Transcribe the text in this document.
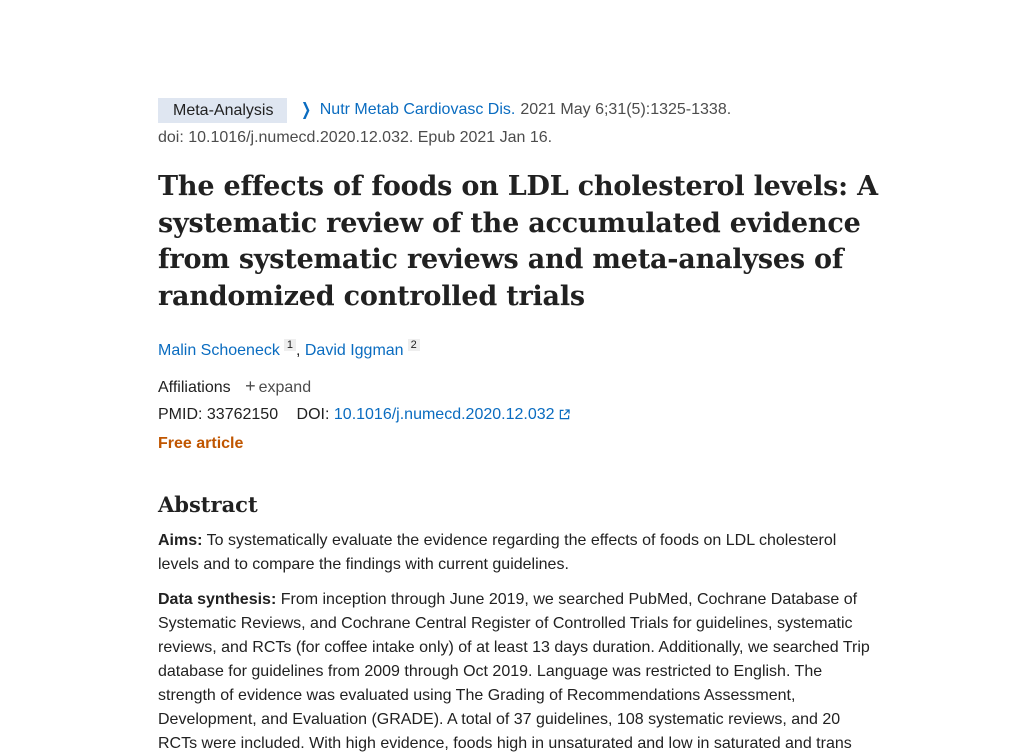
Meta-Analysis	❯ Nutr Metab Cardiovasc Dis. 2021 May 6;31(5):1325-1338.
doi: 10.1016/j.numecd.2020.12.032. Epub 2021 Jan 16.
The effects of foods on LDL cholesterol levels: A systematic review of the accumulated evidence from systematic reviews and meta-analyses of randomized controlled trials
Malin Schoeneck $^1$ , David Iggman $^2$
Affiliations + expand
PMID: 33762150 DOI: 10.1016/j.numecd.2020.12.032
Free article
Abstract

Aims: To systematically evaluate the evidence regarding the effects of foods on LDL cholesterol levels and to compare the findings with current guidelines.

Data synthesis: From inception through June 2019, we searched PubMed, Cochrane Database of Systematic Reviews, and Cochrane Central Register of Controlled Trials for guidelines, systematic reviews, and RCTs (for coffee intake only) of at least 13 days duration. Additionally, we searched Trip database for guidelines from 2009 through Oct 2019. Language was restricted to English. The strength of evidence was evaluated using The Grading of Recommendations Assessment, Development, and Evaluation (GRADE). A total of 37 guidelines, 108 systematic reviews, and 20 RCTs were included. With high evidence, foods high in unsaturated and low in saturated and trans
